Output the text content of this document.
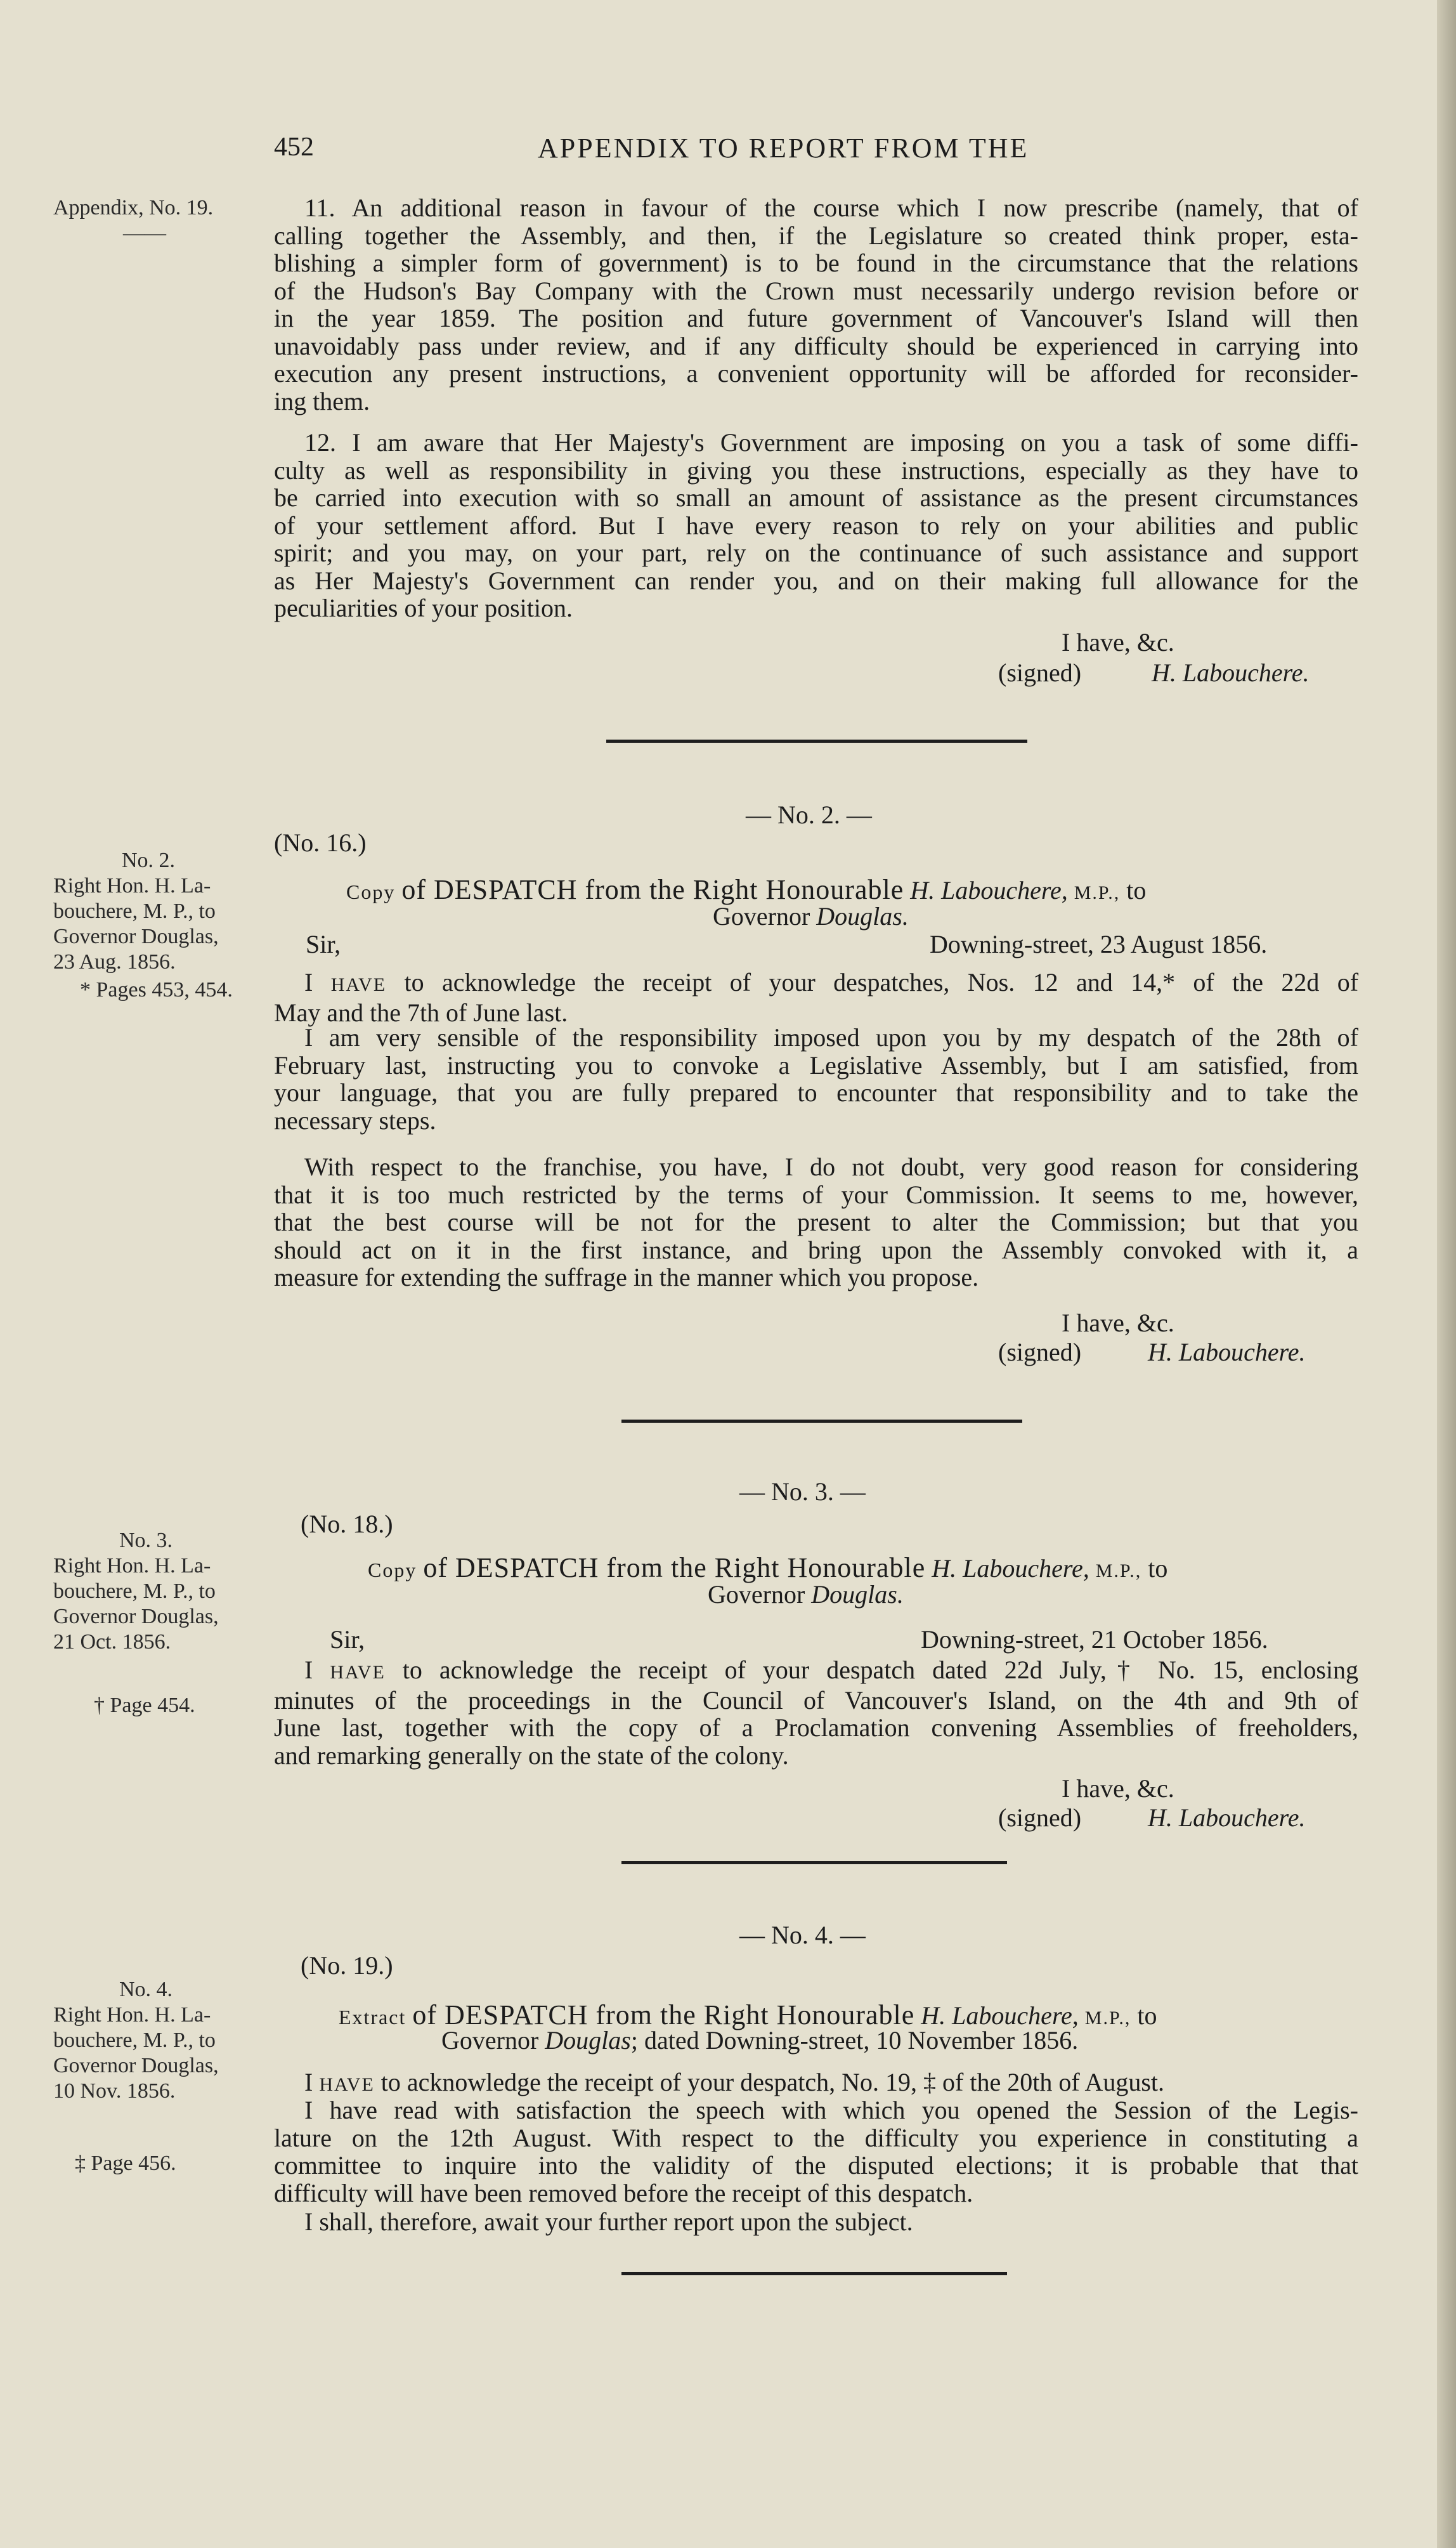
452	APPENDIX TO REPORT FROM THE
Appendix, No. 19.
——
11. An additional reason in favour of the course which I now prescribe (namely, that of
calling together the Assembly, and then, if the Legislature so created think proper, esta-
blishing a simpler form of government) is to be found in the circumstance that the relations
of the Hudson's Bay Company with the Crown must necessarily undergo revision before or
in the year 1859. The position and future government of Vancouver's Island will then
unavoidably pass under review, and if any difficulty should be experienced in carrying into
execution any present instructions, a convenient opportunity will be afforded for reconsider-
ing them.
12. I am aware that Her Majesty's Government are imposing on you a task of some diffi-
culty as well as responsibility in giving you these instructions, especially as they have to
be carried into execution with so small an amount of assistance as the present circumstances
of your settlement afford. But I have every reason to rely on your abilities and public
spirit; and you may, on your part, rely on the continuance of such assistance and support
as Her Majesty's Government can render you, and on their making full allowance for the
peculiarities of your position.
I have, &c.
(signed)	H. Labouchere.
— No. 2. —
(No. 16.)
No. 2.
Right Hon. H. La-
bouchere, M. P., to
Governor Douglas,
23 Aug. 1856.
* Pages 453, 454.
Copy of DESPATCH from the Right Honourable H. Labouchere, M.P., to
Governor Douglas.
Sir,	Downing-street, 23 August 1856.
I HAVE to acknowledge the receipt of your despatches, Nos. 12 and 14,* of the 22d of
May and the 7th of June last.
I am very sensible of the responsibility imposed upon you by my despatch of the 28th of
February last, instructing you to convoke a Legislative Assembly, but I am satisfied, from
your language, that you are fully prepared to encounter that responsibility and to take the
necessary steps.
With respect to the franchise, you have, I do not doubt, very good reason for considering
that it is too much restricted by the terms of your Commission. It seems to me, however,
that the best course will be not for the present to alter the Commission; but that you
should act on it in the first instance, and bring upon the Assembly convoked with it, a
measure for extending the suffrage in the manner which you propose.
I have, &c.
(signed)	H. Labouchere.
— No. 3. —
(No. 18.)
No. 3.
Right Hon. H. La-
bouchere, M. P., to
Governor Douglas,
21 Oct. 1856.
† Page 454.
Copy of DESPATCH from the Right Honourable H. Labouchere, M.P., to
Governor Douglas.
Sir,	Downing-street, 21 October 1856.
I HAVE to acknowledge the receipt of your despatch dated 22d July,† No. 15, enclosing
minutes of the proceedings in the Council of Vancouver's Island, on the 4th and 9th of
June last, together with the copy of a Proclamation convening Assemblies of freeholders,
and remarking generally on the state of the colony.
I have, &c.
(signed)	H. Labouchere.
— No. 4. —
(No. 19.)
No. 4.
Right Hon. H. La-
bouchere, M. P., to
Governor Douglas,
10 Nov. 1856.
‡ Page 456.
Extract of DESPATCH from the Right Honourable H. Labouchere, M.P., to
Governor Douglas; dated Downing-street, 10 November 1856.
I HAVE to acknowledge the receipt of your despatch, No. 19, ‡ of the 20th of August.
I have read with satisfaction the speech with which you opened the Session of the Legis-
lature on the 12th August. With respect to the difficulty you experience in constituting a
committee to inquire into the validity of the disputed elections; it is probable that that
difficulty will have been removed before the receipt of this despatch.
I shall, therefore, await your further report upon the subject.
